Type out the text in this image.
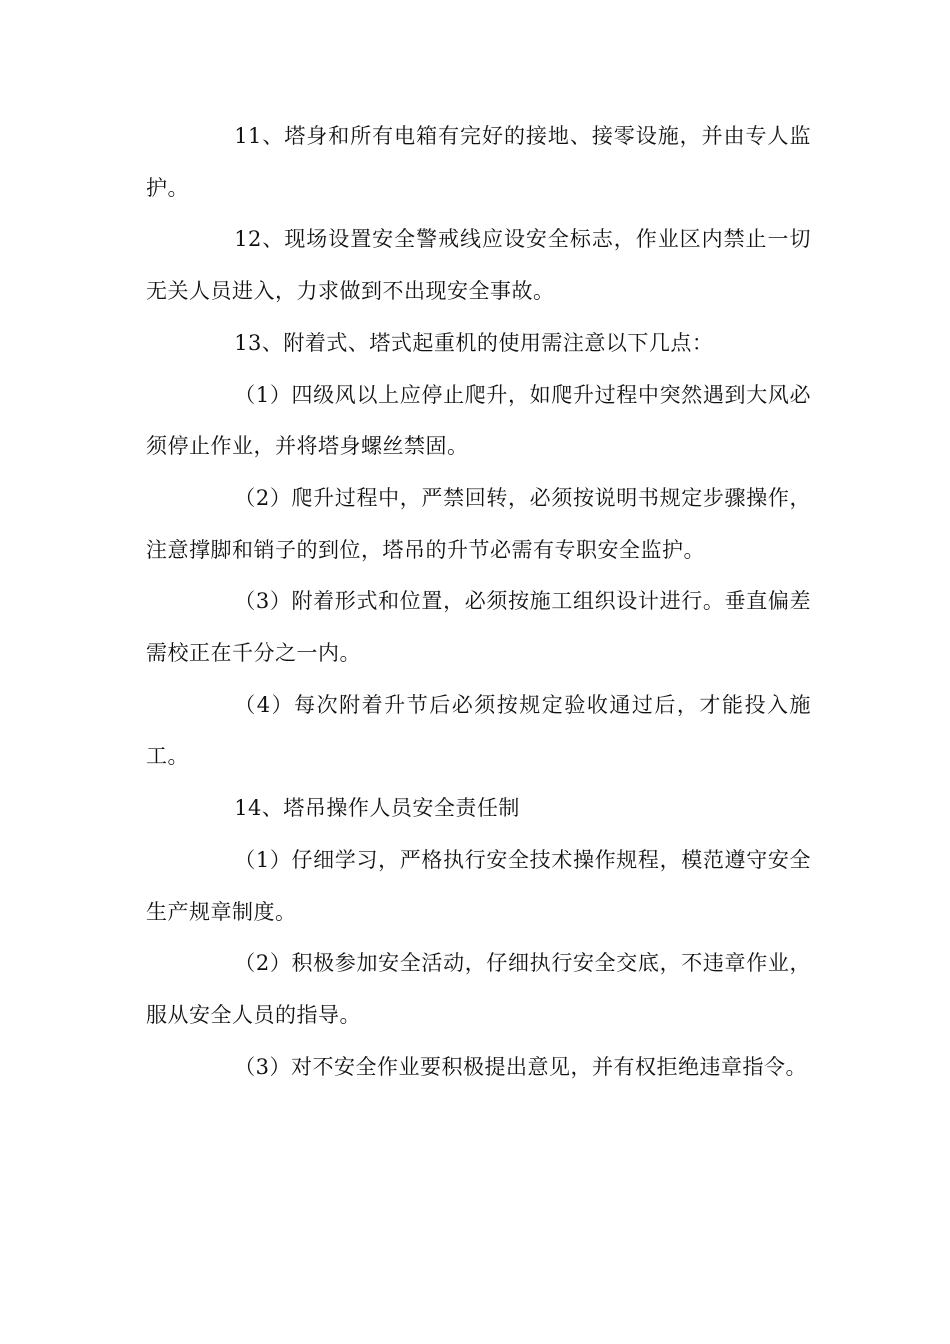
11、塔身和所有电箱有完好的接地、接零设施，并由专人监护。

12、现场设置安全警戒线应设安全标志，作业区内禁止一切无关人员进入，力求做到不出现安全事故。

13、附着式、塔式起重机的使用需注意以下几点：

（1）四级风以上应停止爬升，如爬升过程中突然遇到大风必须停止作业，并将塔身螺丝禁固。

（2）爬升过程中，严禁回转，必须按说明书规定步骤操作，注意撑脚和销子的到位，塔吊的升节必需有专职安全监护。

（3）附着形式和位置，必须按施工组织设计进行。垂直偏差需校正在千分之一内。

（4）每次附着升节后必须按规定验收通过后，才能投入施工。

14、塔吊操作人员安全责任制

（1）仔细学习，严格执行安全技术操作规程，模范遵守安全生产规章制度。

（2）积极参加安全活动，仔细执行安全交底，不违章作业，服从安全人员的指导。

（3）对不安全作业要积极提出意见，并有权拒绝违章指令。
